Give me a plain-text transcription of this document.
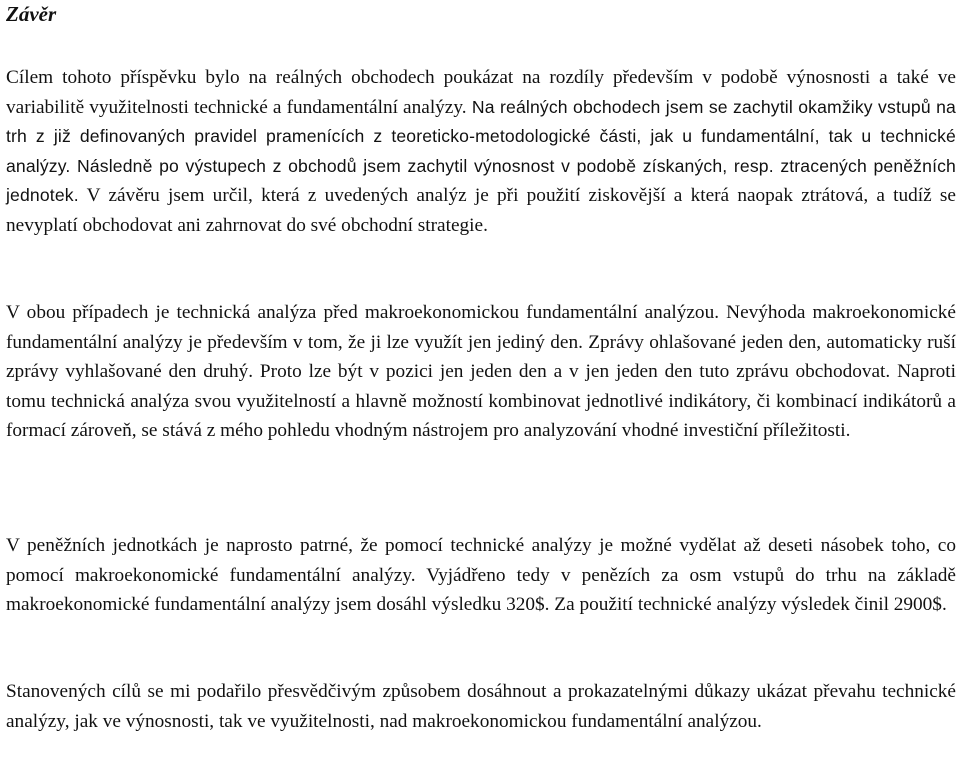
Závěr

Cílem tohoto příspěvku bylo na reálných obchodech poukázat na rozdíly především v podobě výnosnosti a také ve variabilitě využitelnosti technické a fundamentální analýzy. Na reálných obchodech jsem se zachytil okamžiky vstupů na trh z již definovaných pravidel pramenících z teoreticko-metodologické části, jak u fundamentální, tak u technické analýzy. Následně po výstupech z obchodů jsem zachytil výnosnost v podobě získaných, resp. ztracených peněžních jednotek. V závěru jsem určil, která z uvedených analýz je při použití ziskovější a která naopak ztrátová, a tudíž se nevyplatí obchodovat ani zahrnovat do své obchodní strategie.

V obou případech je technická analýza před makroekonomickou fundamentální analýzou. Nevýhoda makroekonomické fundamentální analýzy je především v tom, že ji lze využít jen jediný den. Zprávy ohlašované jeden den, automaticky ruší zprávy vyhlašované den druhý. Proto lze být v pozici jen jeden den a v jen jeden den tuto zprávu obchodovat. Naproti tomu technická analýza svou využitelností a hlavně možností kombinovat jednotlivé indikátory, či kombinací indikátorů a formací zároveň, se stává z mého pohledu vhodným nástrojem pro analyzování vhodné investiční příležitosti.

V peněžních jednotkách je naprosto patrné, že pomocí technické analýzy je možné vydělat až deseti násobek toho, co pomocí makroekonomické fundamentální analýzy. Vyjádřeno tedy v penězích za osm vstupů do trhu na základě makroekonomické fundamentální analýzy jsem dosáhl výsledku 320$. Za použití technické analýzy výsledek činil 2900$.

Stanovených cílů se mi podařilo přesvědčivým způsobem dosáhnout a prokazatelnými důkazy ukázat převahu technické analýzy, jak ve výnosnosti, tak ve využitelnosti, nad makroekonomickou fundamentální analýzou.
